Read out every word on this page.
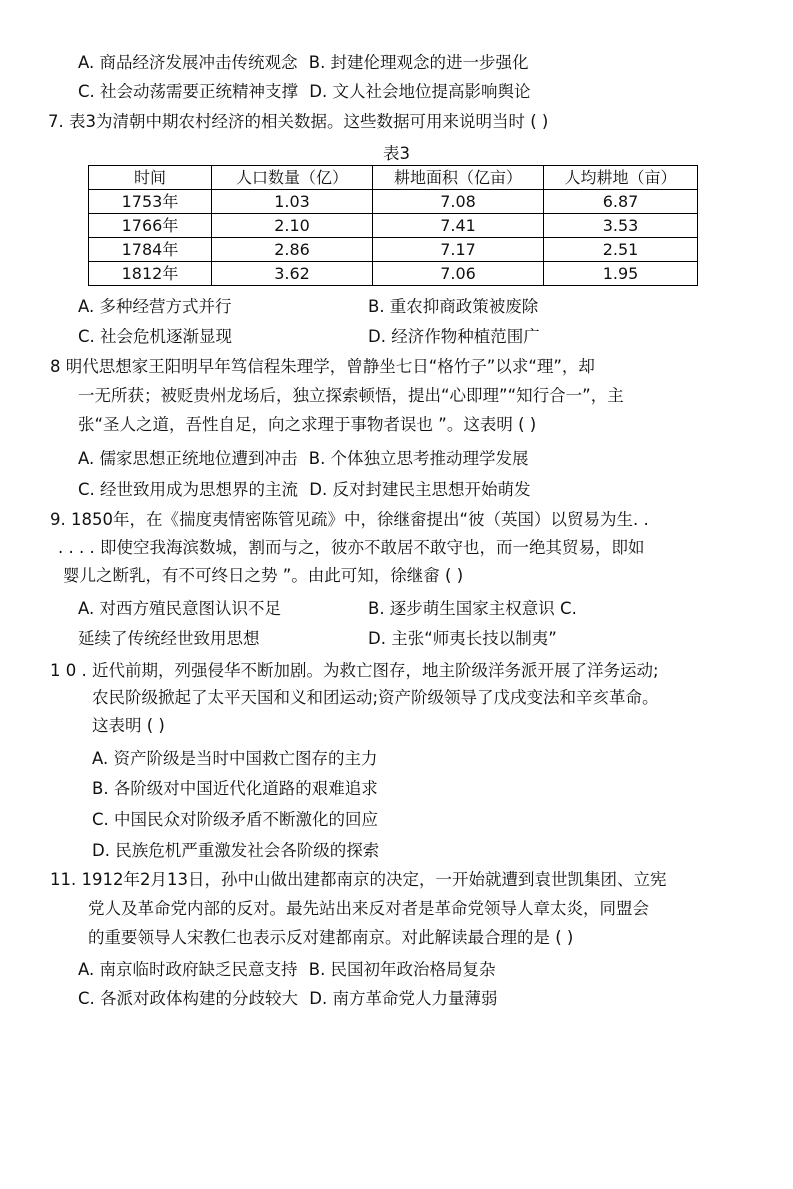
A. 商品经济发展冲击传统观念 B. 封建伦理观念的进一步强化
C. 社会动荡需要正统精神支撑 D. 文人社会地位提高影响舆论
7. 表3为清朝中期农村经济的相关数据。这些数据可用来说明当时 ( )
表3
时间	人口数量（亿）	耕地面积（亿亩）	人均耕地（亩）
1753年	1.03	7.08	6.87
1766年	2.10	7.41	3.53
1784年	2.86	7.17	2.51
1812年	3.62	7.06	1.95
A. 多种经营方式并行	B. 重农抑商政策被废除
C. 社会危机逐渐显现	D. 经济作物种植范围广
8 明代思想家王阳明早年笃信程朱理学，曾静坐七日“格竹子”以求“理”，却
一无所获；被贬贵州龙场后，独立探索顿悟，提出“心即理”“知行合一”，主
张“圣人之道，吾性自足，向之求理于事物者误也 ”。这表明 ( )
A. 儒家思想正统地位遭到冲击 B. 个体独立思考推动理学发展
C. 经世致用成为思想界的主流 D. 反对封建民主思想开始萌发
9. 1850年，在《揣度夷情密陈管见疏》中，徐继畲提出“彼（英国）以贸易为生. .
. . . . 即使空我海滨数城，割而与之，彼亦不敢居不敢守也，而一绝其贸易，即如
婴儿之断乳，有不可终日之势 ”。由此可知，徐继畲 ( )
A. 对西方殖民意图认识不足	B. 逐步萌生国家主权意识 C.
延续了传统经世致用思想	D. 主张“师夷长技以制夷”
1 0 . 近代前期，列强侵华不断加剧。为救亡图存，地主阶级洋务派开展了洋务运动;
农民阶级掀起了太平天国和义和团运动;资产阶级领导了戊戌变法和辛亥革命。
这表明 ( )
A. 资产阶级是当时中国救亡图存的主力
B. 各阶级对中国近代化道路的艰难追求
C. 中国民众对阶级矛盾不断激化的回应
D. 民族危机严重激发社会各阶级的探索
11. 1912年2月13日，孙中山做出建都南京的决定，一开始就遭到袁世凯集团、立宪
党人及革命党内部的反对。最先站出来反对者是革命党领导人章太炎，同盟会
的重要领导人宋教仁也表示反对建都南京。对此解读最合理的是 ( )
A. 南京临时政府缺乏民意支持 B. 民国初年政治格局复杂
C. 各派对政体构建的分歧较大 D. 南方革命党人力量薄弱
